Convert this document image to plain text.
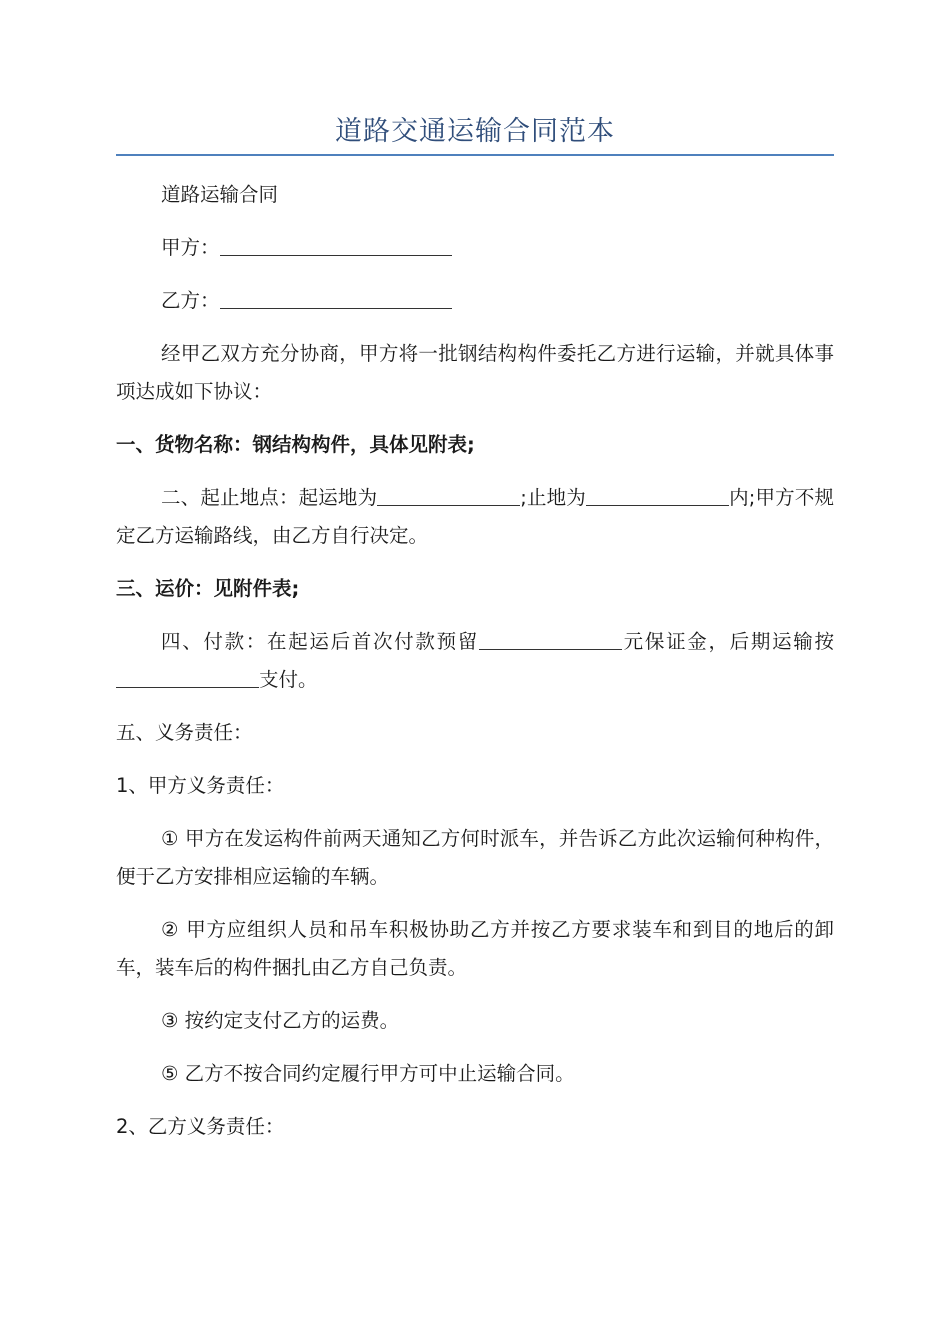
道路交通运输合同范本

道路运输合同

甲方：

乙方：

经甲乙双方充分协商，甲方将一批钢结构构件委托乙方进行运输，并就具体事项达成如下协议：

一、货物名称：钢结构构件，具体见附表;

二、起止地点：起运地为	;止地为	内;甲方不规定乙方运输路线，由乙方自行决定。

三、运价：见附件表;

四、付款：在起运后首次付款预留	元保证金，后期运输按支付。

五、义务责任：

1、甲方义务责任：

① 甲方在发运构件前两天通知乙方何时派车，并告诉乙方此次运输何种构件，便于乙方安排相应运输的车辆。

② 甲方应组织人员和吊车积极协助乙方并按乙方要求装车和到目的地后的卸车，装车后的构件捆扎由乙方自己负责。

③ 按约定支付乙方的运费。

⑤ 乙方不按合同约定履行甲方可中止运输合同。

2、乙方义务责任：
